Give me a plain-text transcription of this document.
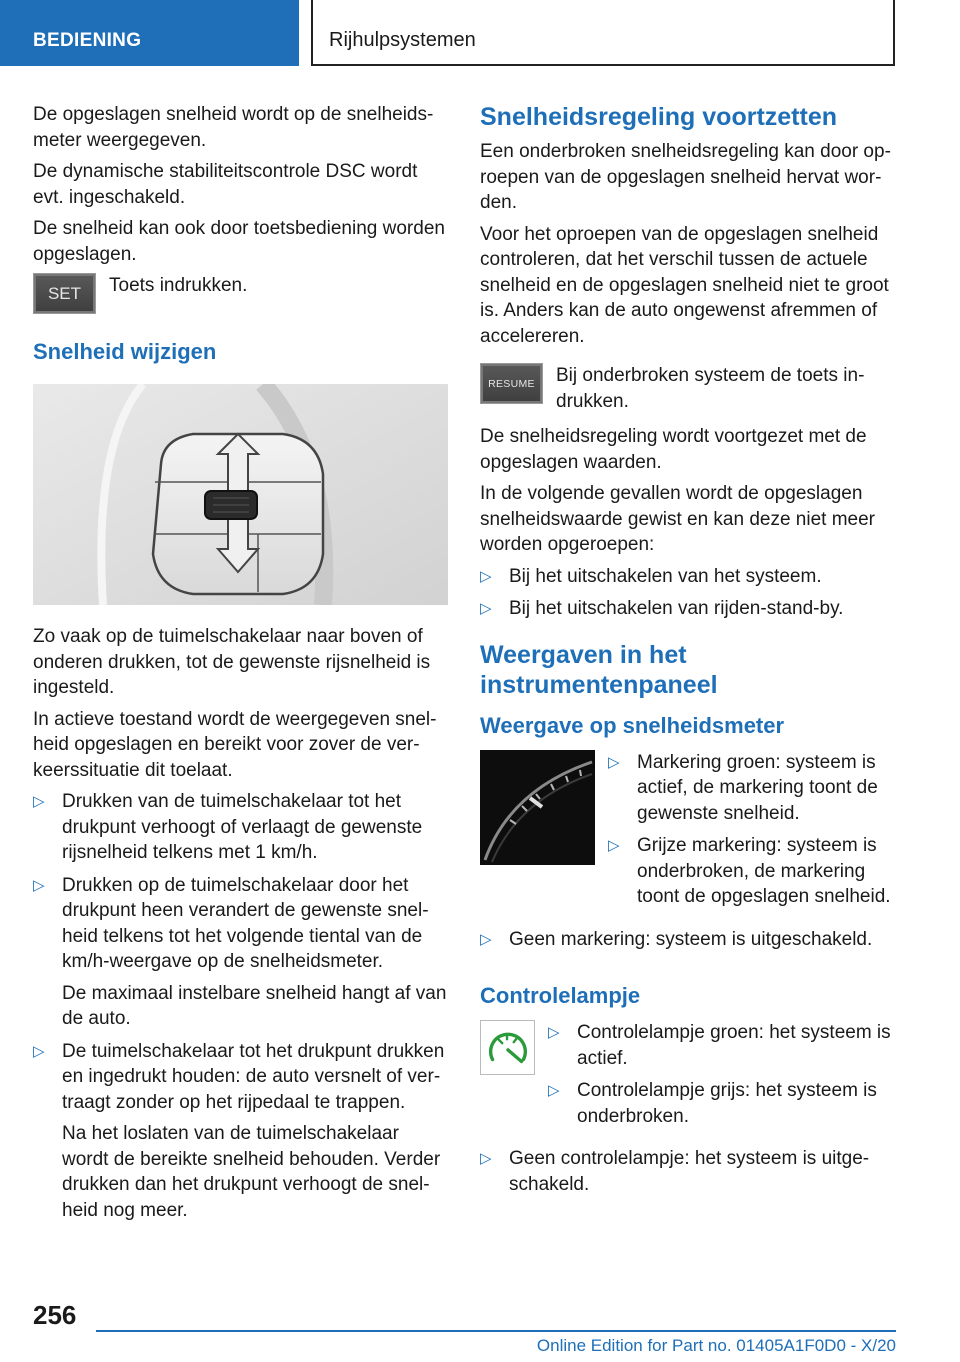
BEDIENING	Rijhulpsystemen

De opgeslagen snelheid wordt op de snelheidsmeter weergegeven.

De dynamische stabiliteitscontrole DSC wordt evt. ingeschakeld.

De snelheid kan ook door toetsbediening worden opgeslagen.

SET	Toets indrukken.
Snelheid wijzigen

Zo vaak op de tuimelschakelaar naar boven of onderen drukken, tot de gewenste rijsnelheid is ingesteld.

In actieve toestand wordt de weergegeven snelheid opgeslagen en bereikt voor zover de verkeerssituatie dit toelaat.

▷ Drukken van de tuimelschakelaar tot het drukpunt verhoogt of verlaagt de gewenste rijsnelheid telkens met 1 km/h.
▷ Drukken op de tuimelschakelaar door het drukpunt heen verandert de gewenste snelheid telkens tot het volgende tiental van de km/h-weergave op de snelheidsmeter.
De maximaal instelbare snelheid hangt af van de auto.
▷ De tuimelschakelaar tot het drukpunt drukken en ingedrukt houden: de auto versnelt of vertraagt zonder op het rijpedaal te trappen.
Na het loslaten van de tuimelschakelaar wordt de bereikte snelheid behouden. Verder drukken dan het drukpunt verhoogt de snelheid nog meer.
Snelheidsregeling voortzetten

Een onderbroken snelheidsregeling kan door oproepen van de opgeslagen snelheid hervat worden.

Voor het oproepen van de opgeslagen snelheid controleren, dat het verschil tussen de actuele snelheid en de opgeslagen snelheid niet te groot is. Anders kan de auto ongewenst afremmen of accelereren.

RESUME	Bij onderbroken systeem de toets indrukken.

De snelheidsregeling wordt voortgezet met de opgeslagen waarden.

In de volgende gevallen wordt de opgeslagen snelheidswaarde gewist en kan deze niet meer worden opgeroepen:

▷ Bij het uitschakelen van het systeem.
▷ Bij het uitschakelen van rijden-stand-by.
Weergaven in het instrumentenpaneel
Weergave op snelheidsmeter
▷ Markering groen: systeem is actief, de markering toont de gewenste snelheid.
▷ Grijze markering: systeem is onderbroken, de markering toont de opgeslagen snelheid.
▷ Geen markering: systeem is uitgeschakeld.
Controlelampje
▷ Controlelampje groen: het systeem is actief.
▷ Controlelampje grijs: het systeem is onderbroken.
▷ Geen controlelampje: het systeem is uitgeschakeld.
256
Online Edition for Part no. 01405A1F0D0 - X/20
